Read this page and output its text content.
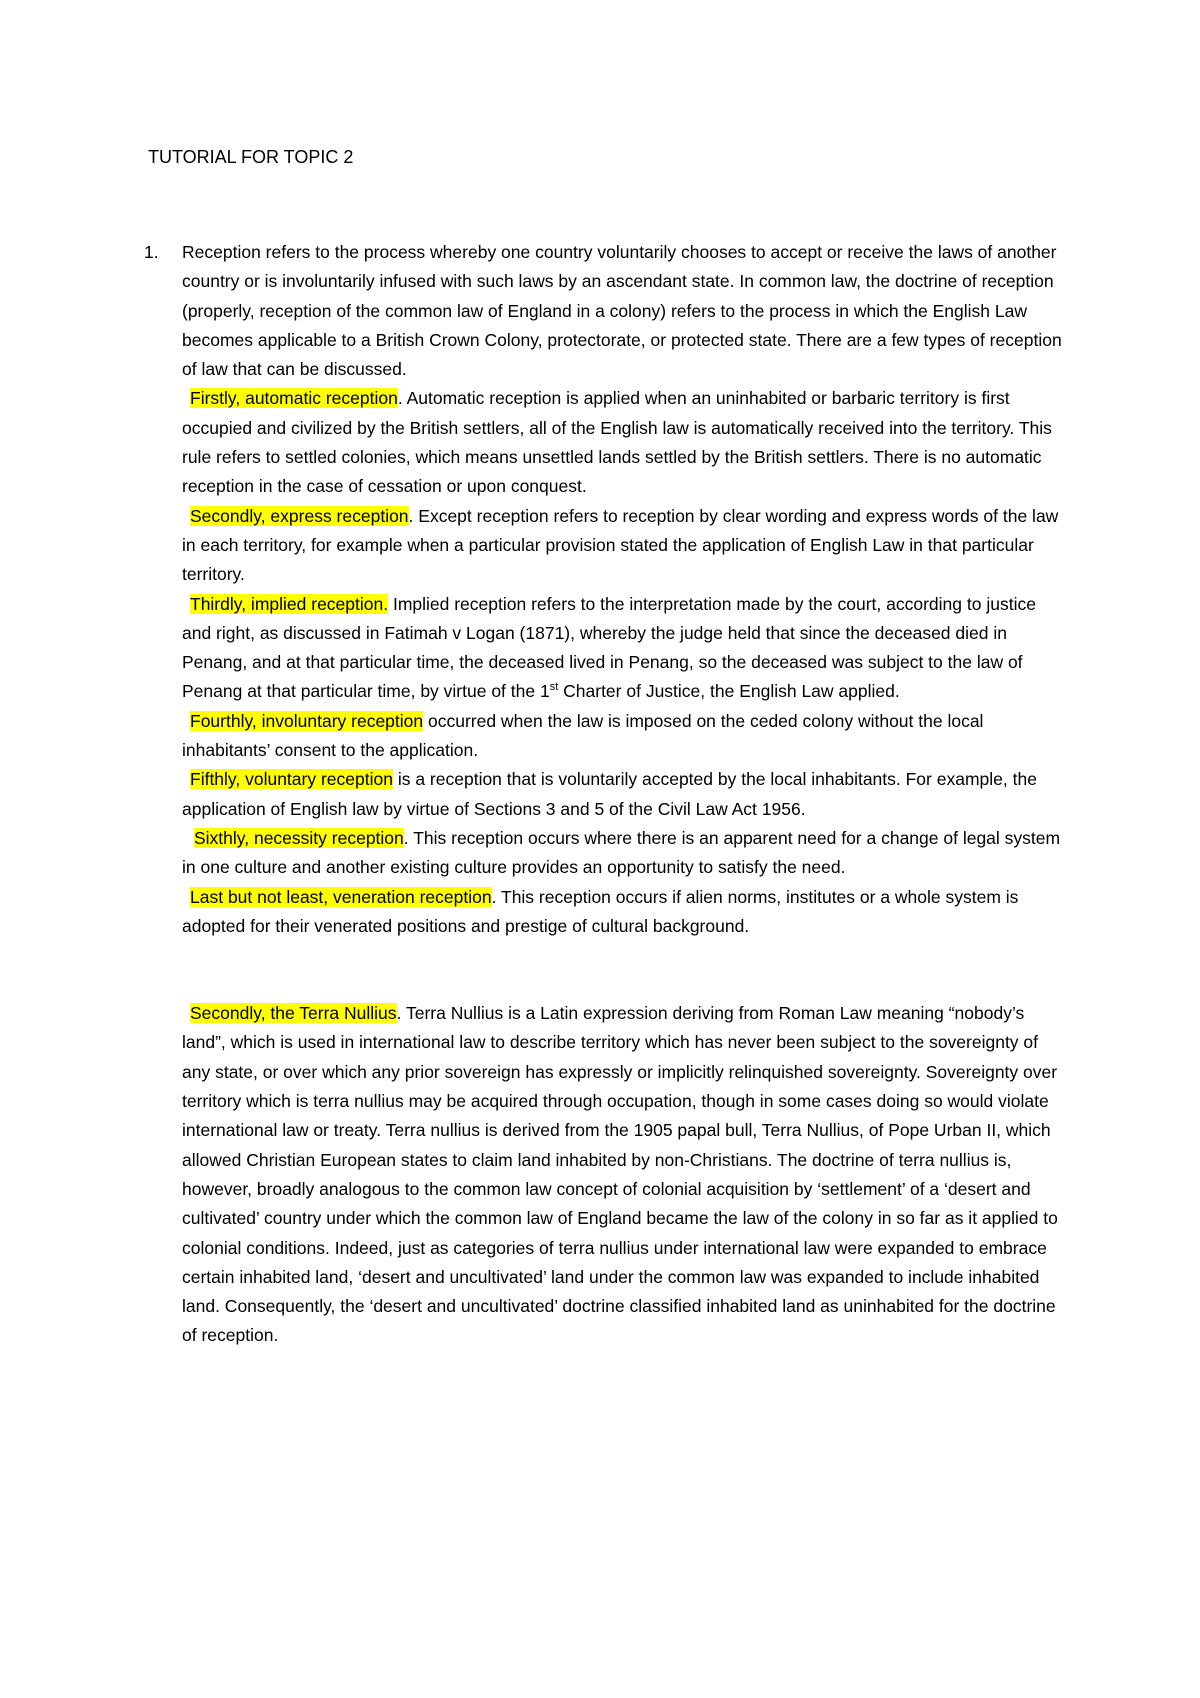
TUTORIAL FOR TOPIC 2
1. Reception refers to the process whereby one country voluntarily chooses to accept or receive the laws of another country or is involuntarily infused with such laws by an ascendant state. In common law, the doctrine of reception (properly, reception of the common law of England in a colony) refers to the process in which the English Law becomes applicable to a British Crown Colony, protectorate, or protected state. There are a few types of reception of law that can be discussed.

Firstly, automatic reception. Automatic reception is applied when an uninhabited or barbaric territory is first occupied and civilized by the British settlers, all of the English law is automatically received into the territory. This rule refers to settled colonies, which means unsettled lands settled by the British settlers. There is no automatic reception in the case of cessation or upon conquest.

Secondly, express reception. Except reception refers to reception by clear wording and express words of the law in each territory, for example when a particular provision stated the application of English Law in that particular territory.

Thirdly, implied reception. Implied reception refers to the interpretation made by the court, according to justice and right, as discussed in Fatimah v Logan (1871), whereby the judge held that since the deceased died in Penang, and at that particular time, the deceased lived in Penang, so the deceased was subject to the law of Penang at that particular time, by virtue of the 1st Charter of Justice, the English Law applied.

Fourthly, involuntary reception occurred when the law is imposed on the ceded colony without the local inhabitants’ consent to the application.

Fifthly, voluntary reception is a reception that is voluntarily accepted by the local inhabitants. For example, the application of English law by virtue of Sections 3 and 5 of the Civil Law Act 1956.

Sixthly, necessity reception. This reception occurs where there is an apparent need for a change of legal system in one culture and another existing culture provides an opportunity to satisfy the need.

Last but not least, veneration reception. This reception occurs if alien norms, institutes or a whole system is adopted for their venerated positions and prestige of cultural background.

Secondly, the Terra Nullius. Terra Nullius is a Latin expression deriving from Roman Law meaning “nobody’s land”, which is used in international law to describe territory which has never been subject to the sovereignty of any state, or over which any prior sovereign has expressly or implicitly relinquished sovereignty. Sovereignty over territory which is terra nullius may be acquired through occupation, though in some cases doing so would violate international law or treaty. Terra nullius is derived from the 1905 papal bull, Terra Nullius, of Pope Urban II, which allowed Christian European states to claim land inhabited by non-Christians. The doctrine of terra nullius is, however, broadly analogous to the common law concept of colonial acquisition by ‘settlement’ of a ‘desert and cultivated’ country under which the common law of England became the law of the colony in so far as it applied to colonial conditions. Indeed, just as categories of terra nullius under international law were expanded to embrace certain inhabited land, ‘desert and uncultivated’ land under the common law was expanded to include inhabited land. Consequently, the ‘desert and uncultivated’ doctrine classified inhabited land as uninhabited for the doctrine of reception.
